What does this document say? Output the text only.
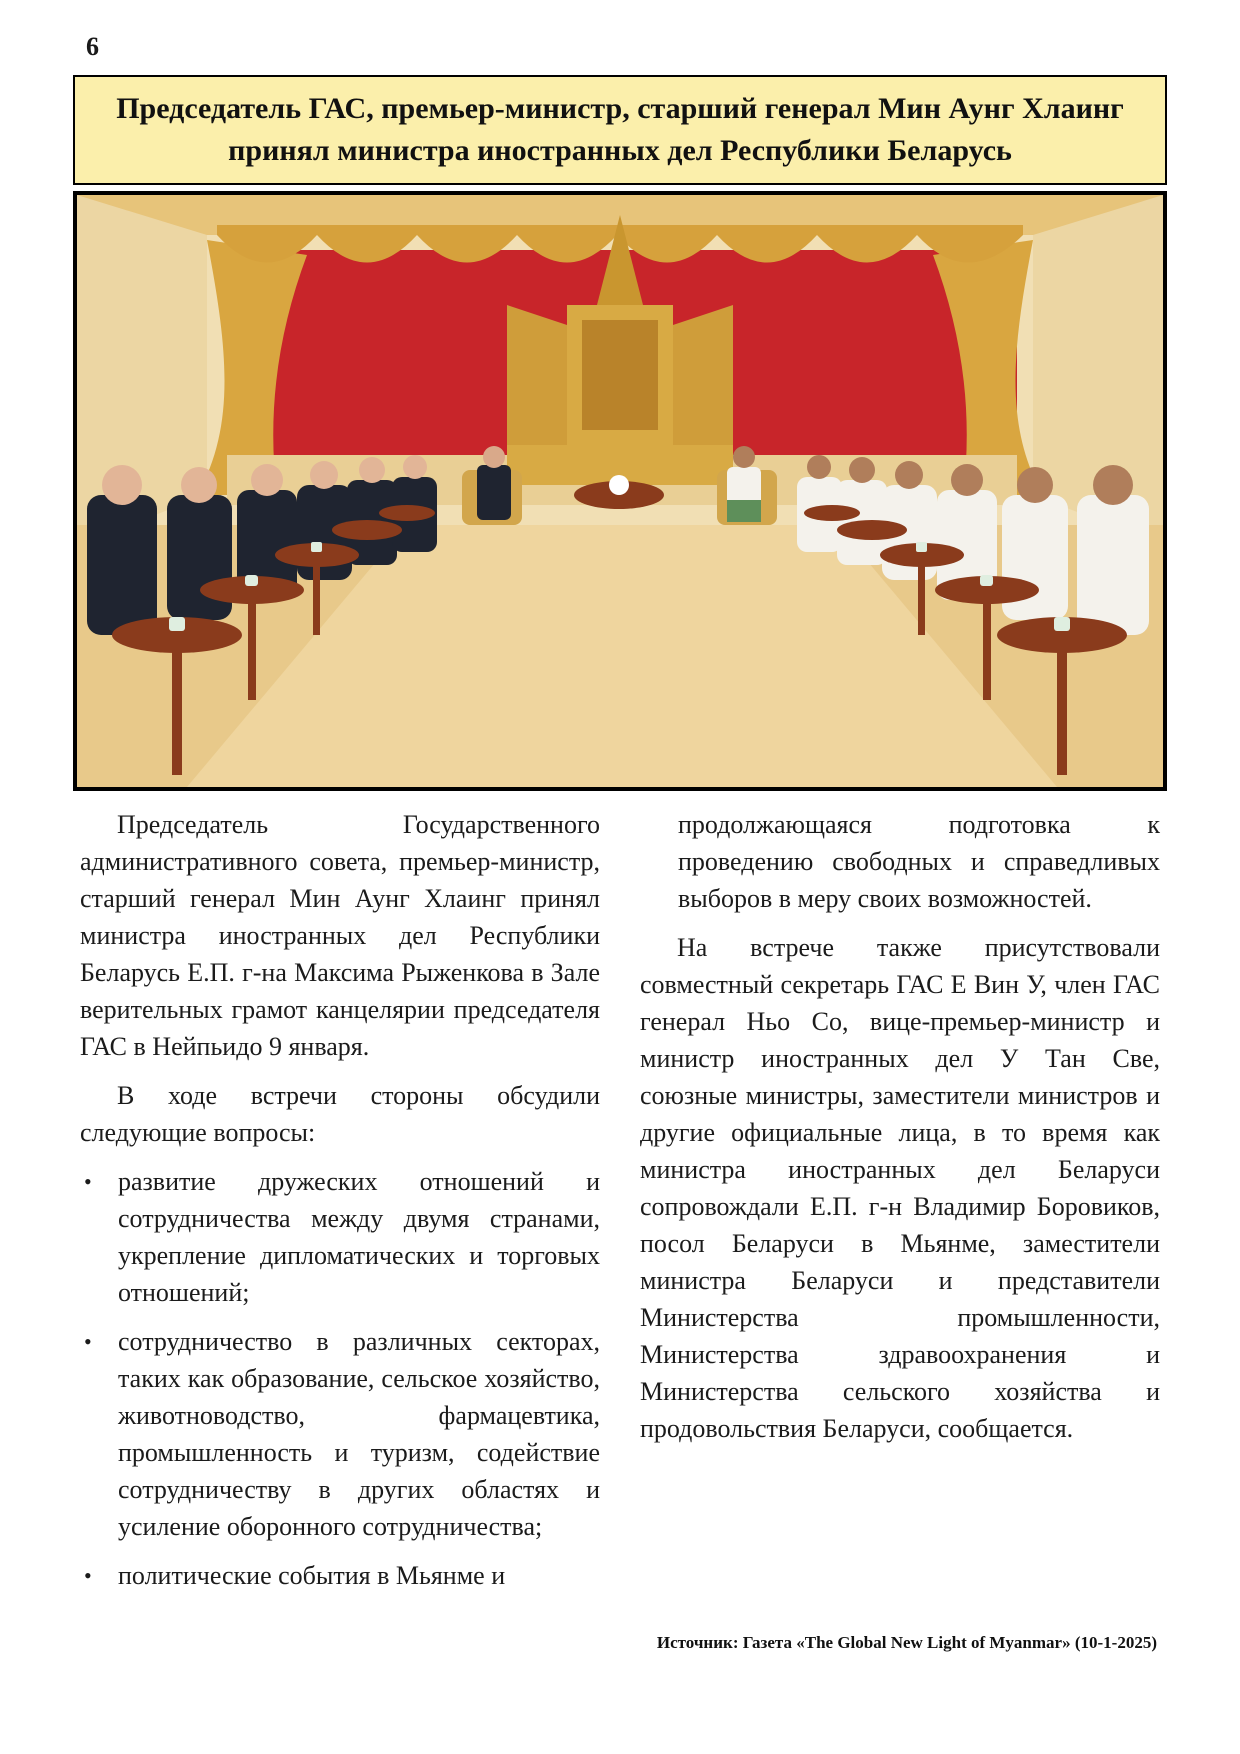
6
Председатель ГАС, премьер-министр, старший генерал Мин Аунг Хлаинг принял министра иностранных дел Республики Беларусь

Председатель Государственного административного совета, премьер-министр, старший генерал Мин Аунг Хлаинг принял министра иностранных дел Республики Беларусь Е.П. г-на Максима Рыженкова в Зале верительных грамот канцелярии председателя ГАС в Нейпьидо 9 января.

В ходе встречи стороны обсудили следующие вопросы:

• развитие дружеских отношений и сотрудничества между двумя странами, укрепление дипломатических и торговых отношений;
• сотрудничество в различных секторах, таких как образование, сельское хозяйство, животноводство, фармацевтика, промышленность и туризм, содействие сотрудничеству в других областях и усиление оборонного сотрудничества;
• политические события в Мьянме и

продолжающаяся подготовка к проведению свободных и справедливых выборов в меру своих возможностей.

На встрече также присутствовали совместный секретарь ГАС Е Вин У, член ГАС генерал Ньо Со, вице-премьер-министр и министр иностранных дел У Тан Све, союзные министры, заместители министров и другие официальные лица, в то время как министра иностранных дел Беларуси сопровождали Е.П. г-н Владимир Боровиков, посол Беларуси в Мьянме, заместители министра Беларуси и представители Министерства промышленности, Министерства здравоохранения и Министерства сельского хозяйства и продовольствия Беларуси, сообщается.

Источник: Газета «The Global New Light of Myanmar» (10-1-2025)
